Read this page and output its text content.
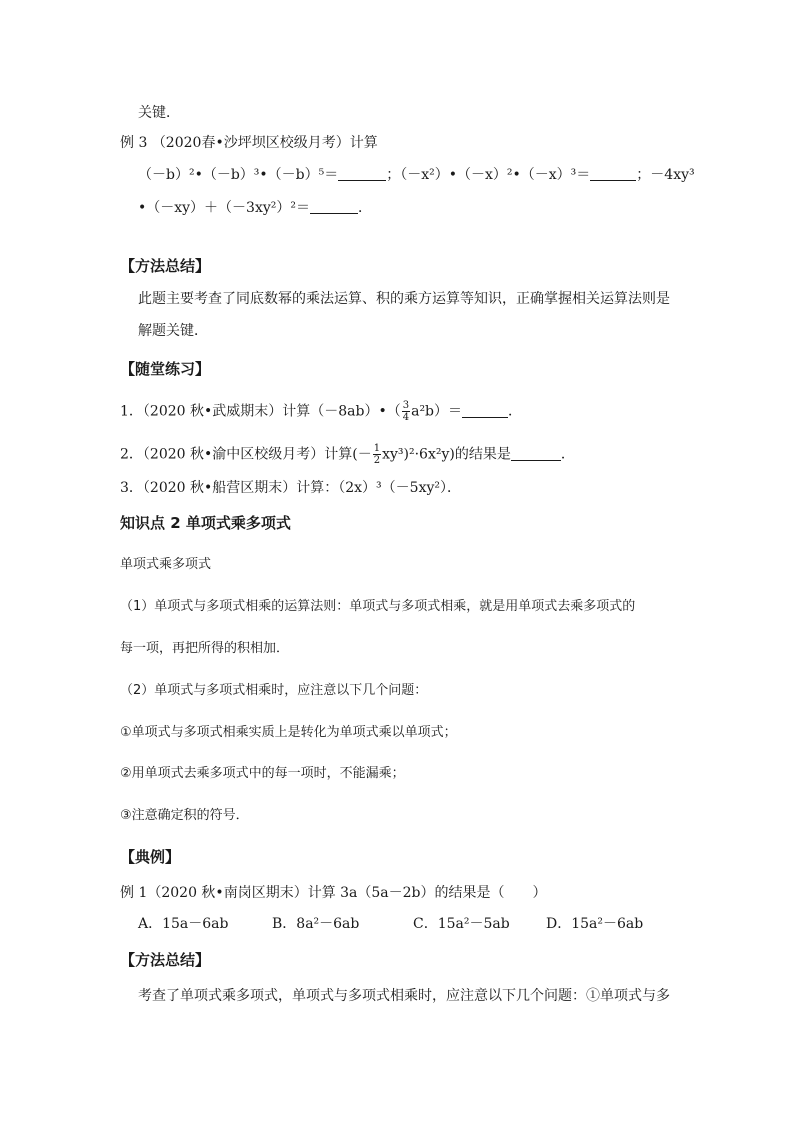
关键．
例 3 （2020春•沙坪坝区校级月考）计算
（－b）²•（－b）³•（－b）⁵＝	；（－x²）•（－x）²•（－x）³＝	；－4xy³
•（－xy）＋（－3xy²）²＝	．
【方法总结】
此题主要考查了同底数幂的乘法运算、积的乘方运算等知识，正确掌握相关运算法则是
解题关键．
【随堂练习】
1．（2020 秋•武威期末）计算（－8ab）•（ $\frac{3}{4} a^2b)=$	．
2．（2020 秋•渝中区校级月考）计算(－ $\frac{1}{2} xy^3)^2\cdot 6x^2y$)的结果是	．
3．（2020 秋•船营区期末）计算：（2x）³（－5xy²）．
知识点 2 单项式乘多项式
单项式乘多项式
（1）单项式与多项式相乘的运算法则：单项式与多项式相乘，就是用单项式去乘多项式的
每一项，再把所得的积相加．
（2）单项式与多项式相乘时，应注意以下几个问题：
①单项式与多项式相乘实质上是转化为单项式乘以单项式；
②用单项式去乘多项式中的每一项时，不能漏乘；
③注意确定积的符号．
【典例】
例 1（2020 秋•南岗区期末）计算 3a（5a－2b）的结果是（　　）
A．15a－6ab	B．8a²－6ab	C．15a²－5ab	D．15a²－6ab
【方法总结】
考查了单项式乘多项式，单项式与多项式相乘时，应注意以下几个问题：①单项式与多
